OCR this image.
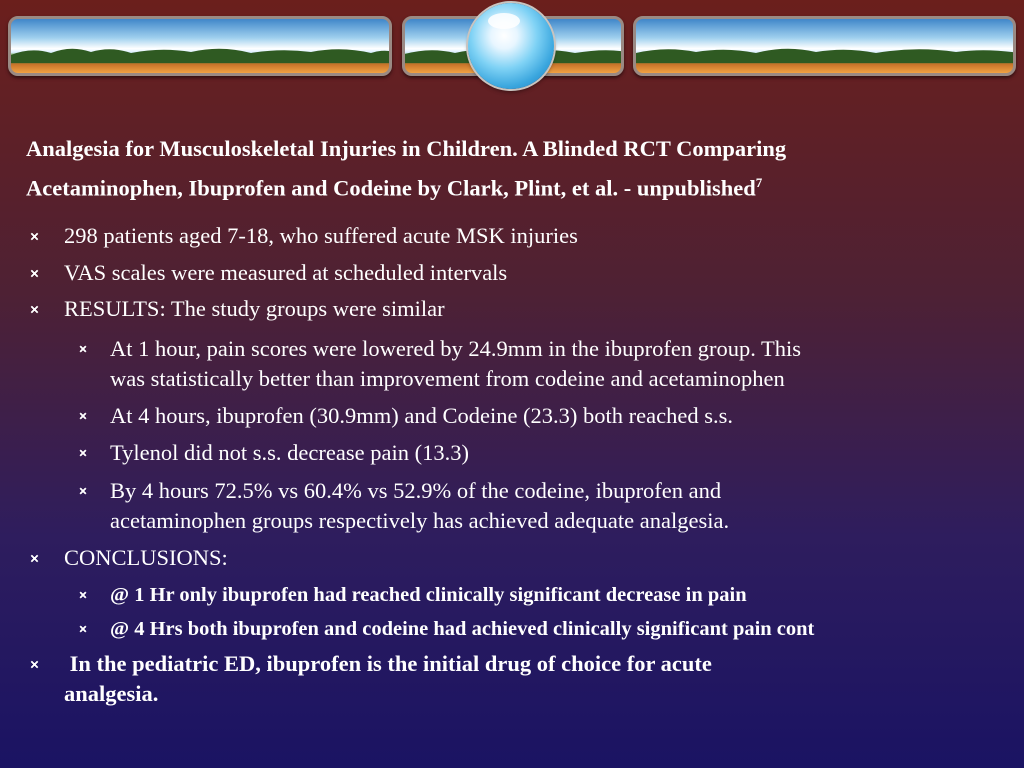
Analgesia for Musculoskeletal Injuries in Children. A Blinded RCT Comparing
Acetaminophen, Ibuprofen and Codeine by Clark, Plint, et al. - unpublished$^7$
298 patients aged 7-18, who suffered acute MSK injuries
VAS scales were measured at scheduled intervals
RESULTS: The study groups were similar
At 1 hour, pain scores were lowered by 24.9mm in the ibuprofen group. This
was statistically better than improvement from codeine and acetaminophen
At 4 hours, ibuprofen (30.9mm) and Codeine (23.3) both reached s.s.
Tylenol did not s.s. decrease pain (13.3)
By 4 hours 72.5% vs 60.4% vs 52.9% of the codeine, ibuprofen and
acetaminophen groups respectively has achieved adequate analgesia.
CONCLUSIONS:
@ 1 Hr only ibuprofen had reached clinically significant decrease in pain
@ 4 Hrs both ibuprofen and codeine had achieved clinically significant pain cont
In the pediatric ED, ibuprofen is the initial drug of choice for acute
analgesia.
